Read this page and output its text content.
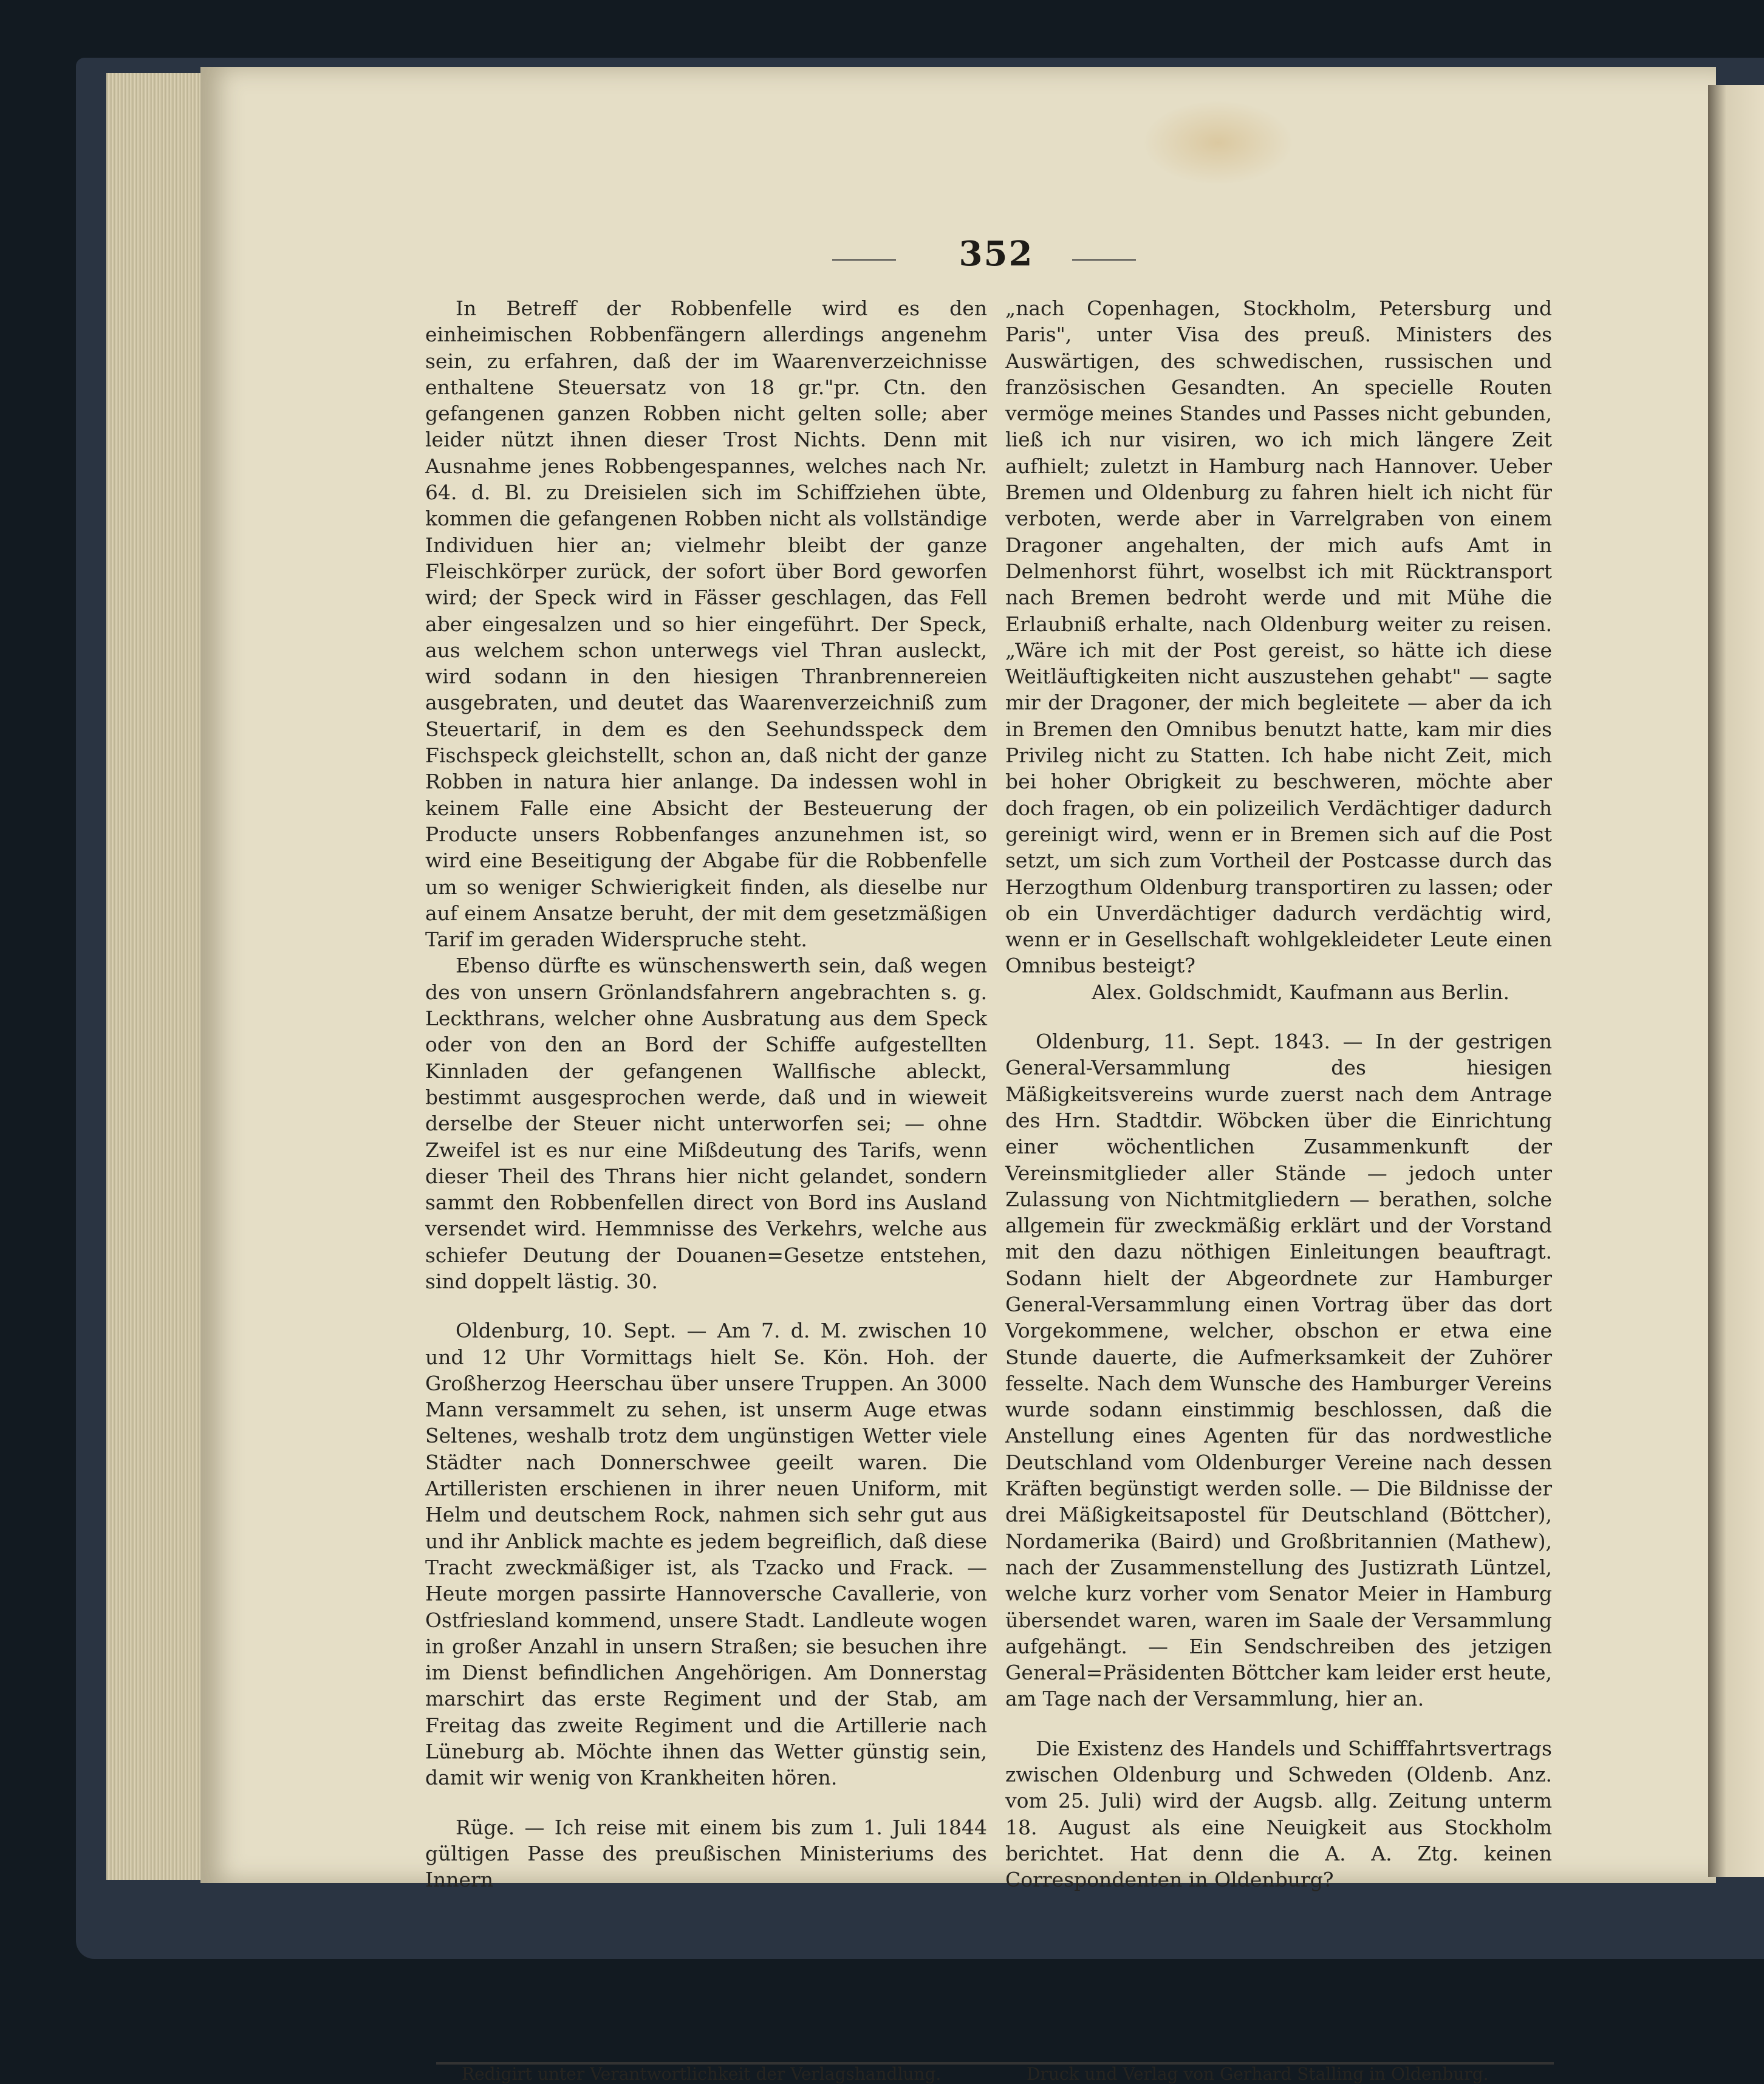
352

In Betreff der Robbenfelle wird es den einheimischen Robbenfängern allerdings angenehm sein, zu erfahren, daß der im Waarenverzeichnisse enthaltene Steuersatz von 18 gr."pr. Ctn. den gefangenen ganzen Robben nicht gelten solle; aber leider nützt ihnen dieser Trost Nichts. Denn mit Ausnahme jenes Robbengespannes, welches nach Nr. 64. d. Bl. zu Dreisielen sich im Schiffziehen übte, kommen die gefangenen Robben nicht als vollständige Individuen hier an; vielmehr bleibt der ganze Fleischkörper zurück, der sofort über Bord geworfen wird; der Speck wird in Fässer geschlagen, das Fell aber eingesalzen und so hier eingeführt. Der Speck, aus welchem schon unterwegs viel Thran ausleckt, wird sodann in den hiesigen Thranbrennereien ausgebraten, und deutet das Waarenverzeichniß zum Steuertarif, in dem es den Seehundsspeck dem Fischspeck gleichstellt, schon an, daß nicht der ganze Robben in natura hier anlange. Da indessen wohl in keinem Falle eine Absicht der Besteuerung der Producte unsers Robbenfanges anzunehmen ist, so wird eine Beseitigung der Abgabe für die Robbenfelle um so weniger Schwierigkeit finden, als dieselbe nur auf einem Ansatze beruht, der mit dem gesetzmäßigen Tarif im geraden Widerspruche steht.

Ebenso dürfte es wünschenswerth sein, daß wegen des von unsern Grönlandsfahrern angebrachten s. g. Leckthrans, welcher ohne Ausbratung aus dem Speck oder von den an Bord der Schiffe aufgestellten Kinnladen der gefangenen Wallfische ableckt, bestimmt ausgesprochen werde, daß und in wieweit derselbe der Steuer nicht unterworfen sei; — ohne Zweifel ist es nur eine Mißdeutung des Tarifs, wenn dieser Theil des Thrans hier nicht gelandet, sondern sammt den Robbenfellen direct von Bord ins Ausland versendet wird. Hemmnisse des Verkehrs, welche aus schiefer Deutung der Douanen=Gesetze entstehen, sind doppelt lästig. 30.

Oldenburg, 10. Sept. — Am 7. d. M. zwischen 10 und 12 Uhr Vormittags hielt Se. Kön. Hoh. der Großherzog Heerschau über unsere Truppen. An 3000 Mann versammelt zu sehen, ist unserm Auge etwas Seltenes, weshalb trotz dem ungünstigen Wetter viele Städter nach Donnerschwee geeilt waren. Die Artilleristen erschienen in ihrer neuen Uniform, mit Helm und deutschem Rock, nahmen sich sehr gut aus und ihr Anblick machte es jedem begreiflich, daß diese Tracht zweckmäßiger ist, als Tzacko und Frack. — Heute morgen passirte Hannoversche Cavallerie, von Ostfriesland kommend, unsere Stadt. Landleute wogen in großer Anzahl in unsern Straßen; sie besuchen ihre im Dienst befindlichen Angehörigen. Am Donnerstag marschirt das erste Regiment und der Stab, am Freitag das zweite Regiment und die Artillerie nach Lüneburg ab. Möchte ihnen das Wetter günstig sein, damit wir wenig von Krankheiten hören.

Rüge. — Ich reise mit einem bis zum 1. Juli 1844 gültigen Passe des preußischen Ministeriums des Innern

„nach Copenhagen, Stockholm, Petersburg und Paris", unter Visa des preuß. Ministers des Auswärtigen, des schwedischen, russischen und französischen Gesandten. An specielle Routen vermöge meines Standes und Passes nicht gebunden, ließ ich nur visiren, wo ich mich längere Zeit aufhielt; zuletzt in Hamburg nach Hannover. Ueber Bremen und Oldenburg zu fahren hielt ich nicht für verboten, werde aber in Varrelgraben von einem Dragoner angehalten, der mich aufs Amt in Delmenhorst führt, woselbst ich mit Rücktransport nach Bremen bedroht werde und mit Mühe die Erlaubniß erhalte, nach Oldenburg weiter zu reisen. „Wäre ich mit der Post gereist, so hätte ich diese Weitläuftigkeiten nicht auszustehen gehabt" — sagte mir der Dragoner, der mich begleitete — aber da ich in Bremen den Omnibus benutzt hatte, kam mir dies Privileg nicht zu Statten. Ich habe nicht Zeit, mich bei hoher Obrigkeit zu beschweren, möchte aber doch fragen, ob ein polizeilich Verdächtiger dadurch gereinigt wird, wenn er in Bremen sich auf die Post setzt, um sich zum Vortheil der Postcasse durch das Herzogthum Oldenburg transportiren zu lassen; oder ob ein Unverdächtiger dadurch verdächtig wird, wenn er in Gesellschaft wohlgekleideter Leute einen Omnibus besteigt?

Alex. Goldschmidt, Kaufmann aus Berlin.

Oldenburg, 11. Sept. 1843. — In der gestrigen General-Versammlung des hiesigen Mäßigkeitsvereins wurde zuerst nach dem Antrage des Hrn. Stadtdir. Wöbcken über die Einrichtung einer wöchentlichen Zusammenkunft der Vereinsmitglieder aller Stände — jedoch unter Zulassung von Nichtmitgliedern — berathen, solche allgemein für zweckmäßig erklärt und der Vorstand mit den dazu nöthigen Einleitungen beauftragt. Sodann hielt der Abgeordnete zur Hamburger General-Versammlung einen Vortrag über das dort Vorgekommene, welcher, obschon er etwa eine Stunde dauerte, die Aufmerksamkeit der Zuhörer fesselte. Nach dem Wunsche des Hamburger Vereins wurde sodann einstimmig beschlossen, daß die Anstellung eines Agenten für das nordwestliche Deutschland vom Oldenburger Vereine nach dessen Kräften begünstigt werden solle. — Die Bildnisse der drei Mäßigkeitsapostel für Deutschland (Böttcher), Nordamerika (Baird) und Großbritannien (Mathew), nach der Zusammenstellung des Justizrath Lüntzel, welche kurz vorher vom Senator Meier in Hamburg übersendet waren, waren im Saale der Versammlung aufgehängt. — Ein Sendschreiben des jetzigen General=Präsidenten Böttcher kam leider erst heute, am Tage nach der Versammlung, hier an.

Die Existenz des Handels und Schifffahrtsvertrags zwischen Oldenburg und Schweden (Oldenb. Anz. vom 25. Juli) wird der Augsb. allg. Zeitung unterm 18. August als eine Neuigkeit aus Stockholm berichtet. Hat denn die A. A. Ztg. keinen Correspondenten in Oldenburg?

Redigirt unter Verantwortlichkeit der Verlagshandlung.	Druck und Verlag von Gerhard Stalling in Oldenburg.
